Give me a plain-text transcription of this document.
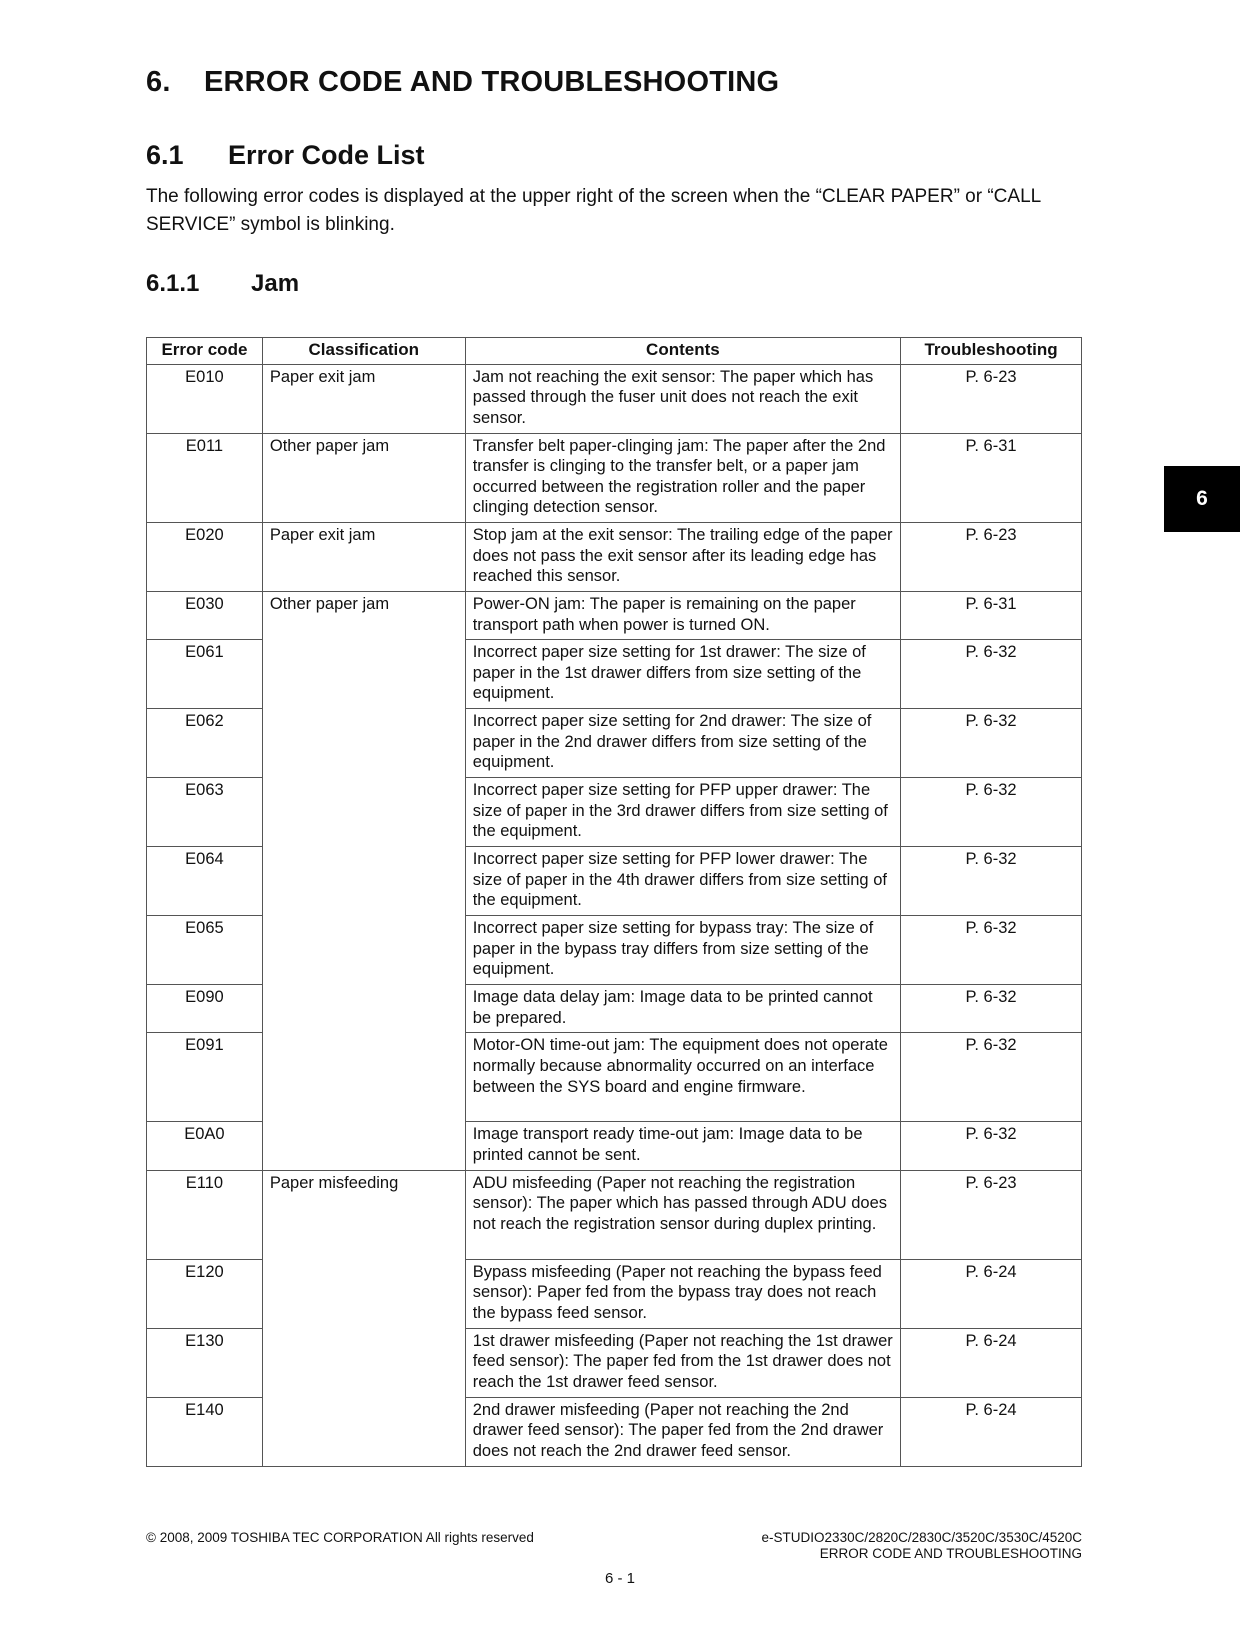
6. ERROR CODE AND TROUBLESHOOTING
6.1 Error Code List

The following error codes is displayed at the upper right of the screen when the “CLEAR PAPER” or “CALL SERVICE” symbol is blinking.

6.1.1 Jam
6
Error code	Classification	Contents	Troubleshooting
E010	Paper exit jam	Jam not reaching the exit sensor: The paper which has passed through the fuser unit does not reach the exit sensor.	P. 6-23
E011	Other paper jam	Transfer belt paper-clinging jam: The paper after the 2nd transfer is clinging to the transfer belt, or a paper jam occurred between the registration roller and the paper clinging detection sensor.	P. 6-31
E020	Paper exit jam	Stop jam at the exit sensor: The trailing edge of the paper does not pass the exit sensor after its leading edge has reached this sensor.	P. 6-23
E030	Other paper jam	Power-ON jam: The paper is remaining on the paper transport path when power is turned ON.	P. 6-31
E061		Incorrect paper size setting for 1st drawer: The size of paper in the 1st drawer differs from size setting of the equipment.	P. 6-32
E062		Incorrect paper size setting for 2nd drawer: The size of paper in the 2nd drawer differs from size setting of the equipment.	P. 6-32
E063		Incorrect paper size setting for PFP upper drawer: The size of paper in the 3rd drawer differs from size setting of the equipment.	P. 6-32
E064		Incorrect paper size setting for PFP lower drawer: The size of paper in the 4th drawer differs from size setting of the equipment.	P. 6-32
E065		Incorrect paper size setting for bypass tray: The size of paper in the bypass tray differs from size setting of the equipment.	P. 6-32
E090		Image data delay jam: Image data to be printed cannot be prepared.	P. 6-32
E091		Motor-ON time-out jam: The equipment does not operate normally because abnormality occurred on an interface between the SYS board and engine firmware.	P. 6-32
E0A0		Image transport ready time-out jam: Image data to be printed cannot be sent.	P. 6-32
E110	Paper misfeeding	ADU misfeeding (Paper not reaching the registration sensor): The paper which has passed through ADU does not reach the registration sensor during duplex printing.	P. 6-23
E120		Bypass misfeeding (Paper not reaching the bypass feed sensor): Paper fed from the bypass tray does not reach the bypass feed sensor.	P. 6-24
E130		1st drawer misfeeding (Paper not reaching the 1st drawer feed sensor): The paper fed from the 1st drawer does not reach the 1st drawer feed sensor.	P. 6-24
E140		2nd drawer misfeeding (Paper not reaching the 2nd drawer feed sensor): The paper fed from the 2nd drawer does not reach the 2nd drawer feed sensor.	P. 6-24
© 2008, 2009 TOSHIBA TEC CORPORATION All rights reserved	e-STUDIO2330C/2820C/2830C/3520C/3530C/4520C
ERROR CODE AND TROUBLESHOOTING
6 - 1
